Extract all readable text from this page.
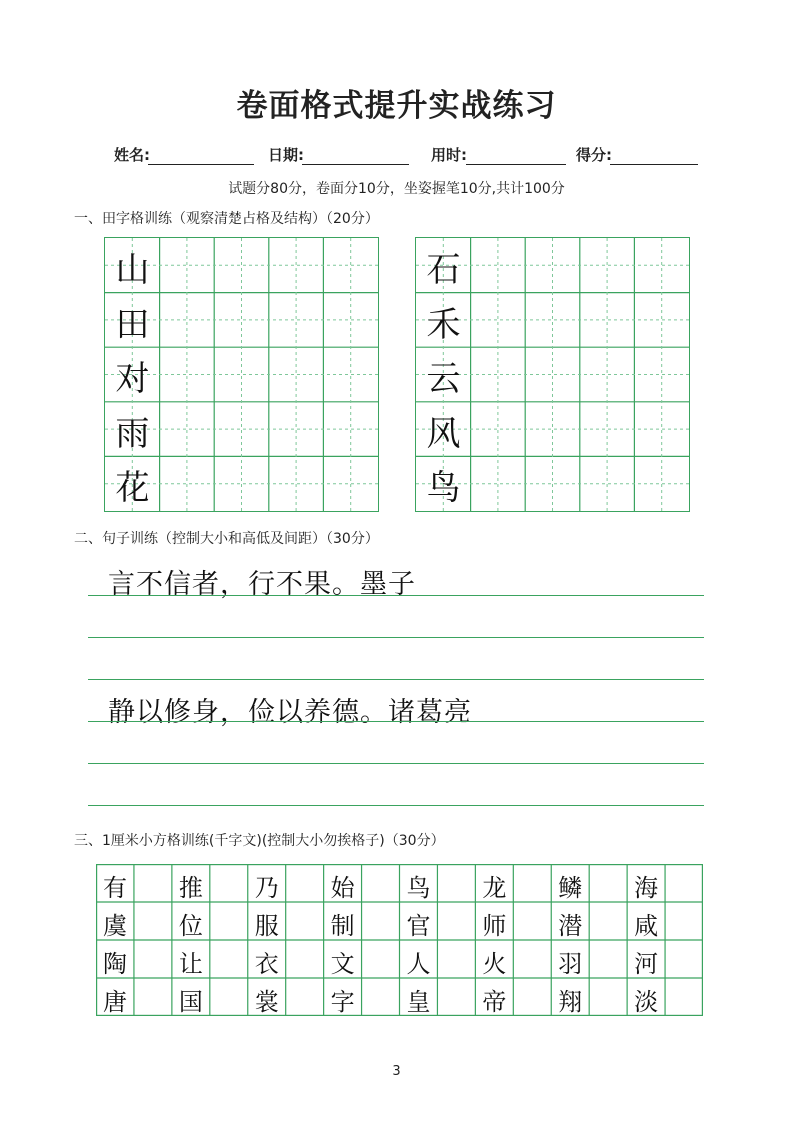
卷面格式提升实战练习
姓名:	日期:	用时:	得分:
试题分80分，卷面分10分，坐姿握笔10分,共计100分
一、田字格训练（观察清楚占格及结构）（20分）
山
田
对
雨
花
石
禾
云
风
鸟
二、句子训练（控制大小和高低及间距）（30分）
言不信者，行不果。墨子
静以修身，俭以养德。诸葛亮
三、1厘米小方格训练(千字文)(控制大小勿挨格子)（30分）
有 推 乃 始 鸟 龙 鳞 海
虞 位 服 制 官 师 潜 咸
陶 让 衣 文 人 火 羽 河
唐 国 裳 字 皇 帝 翔 淡
3
